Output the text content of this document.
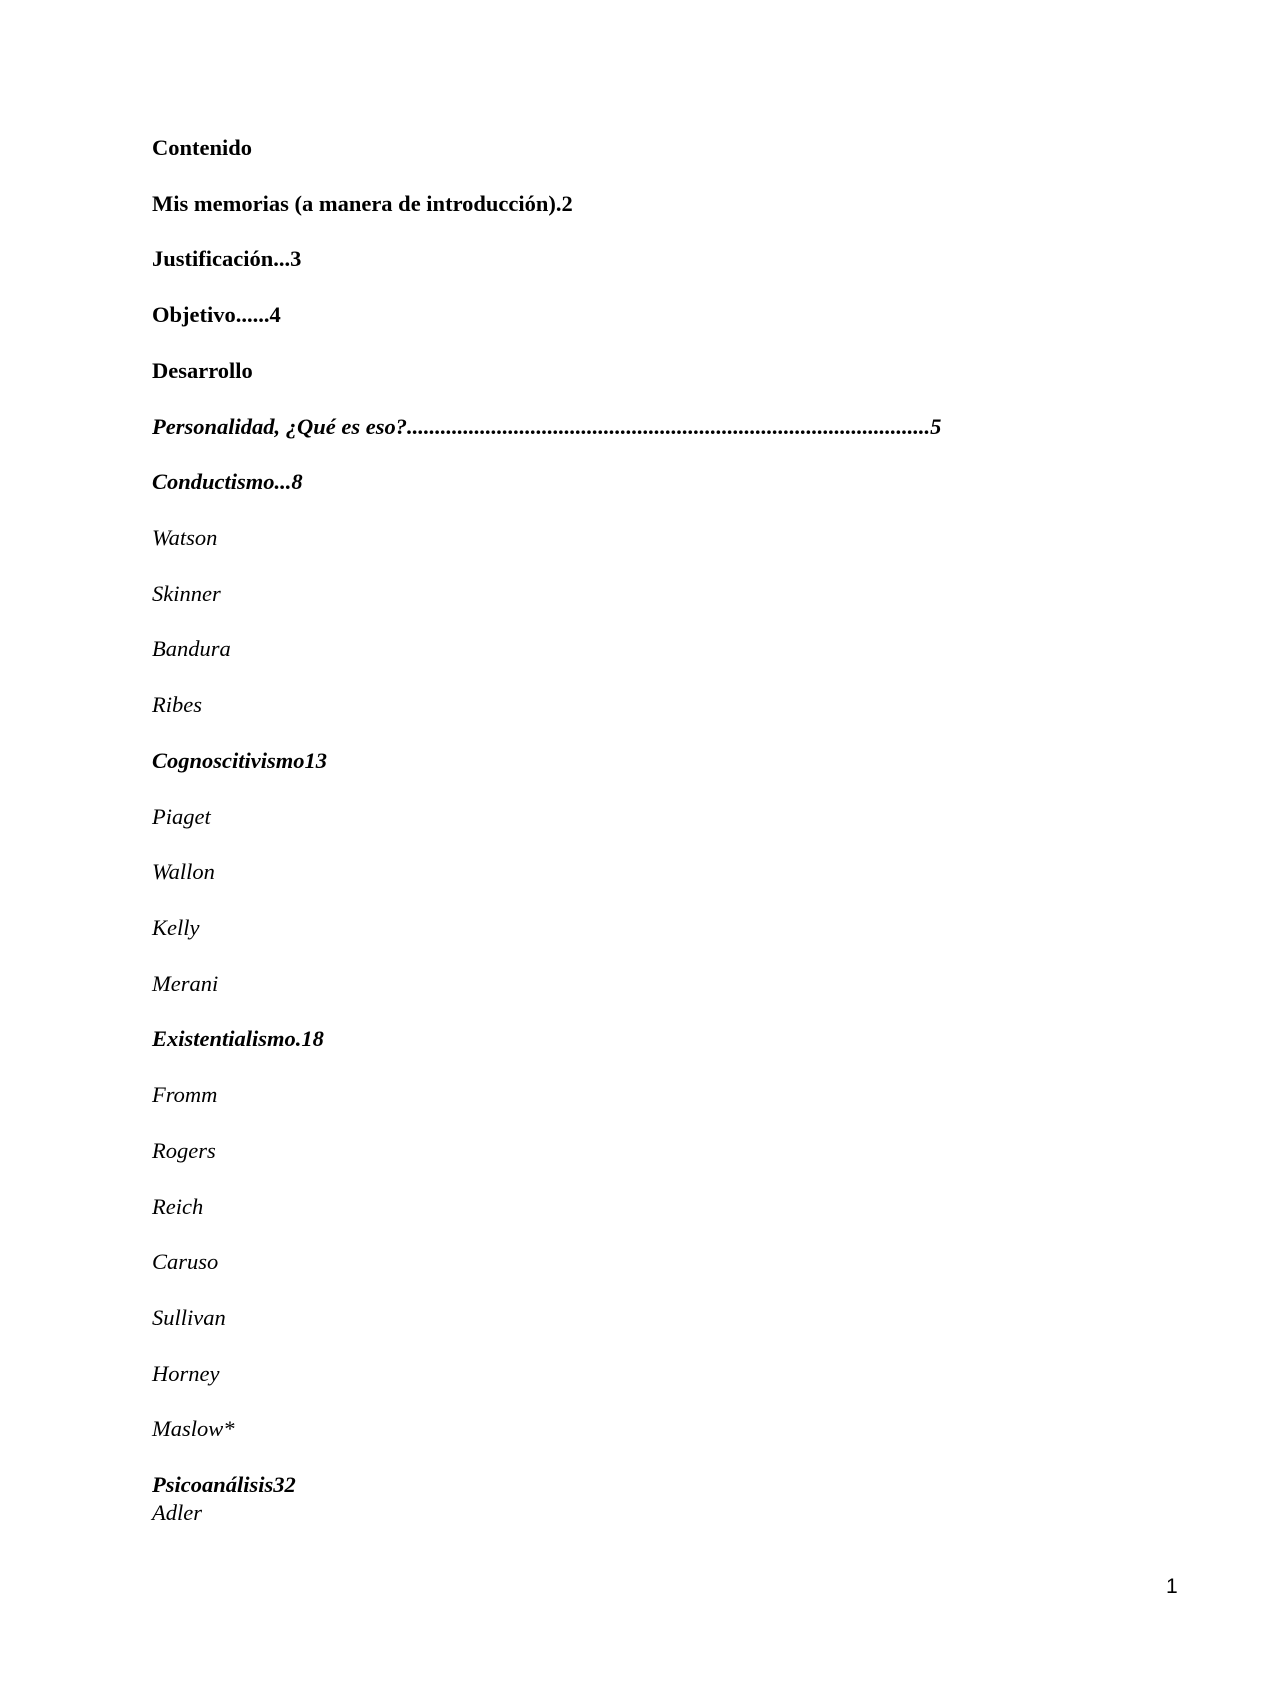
Contenido
Mis memorias (a manera de introducción).2
Justificación...3
Objetivo......4
Desarrollo
Personalidad, ¿Qué es eso?.............................................................................................5
Conductismo...8
Watson
Skinner
Bandura
Ribes
Cognoscitivismo13
Piaget
Wallon
Kelly
Merani
Existentialismo.18
Fromm
Rogers
Reich
Caruso
Sullivan
Horney
Maslow*
Psicoanálisis32
Adler
1
